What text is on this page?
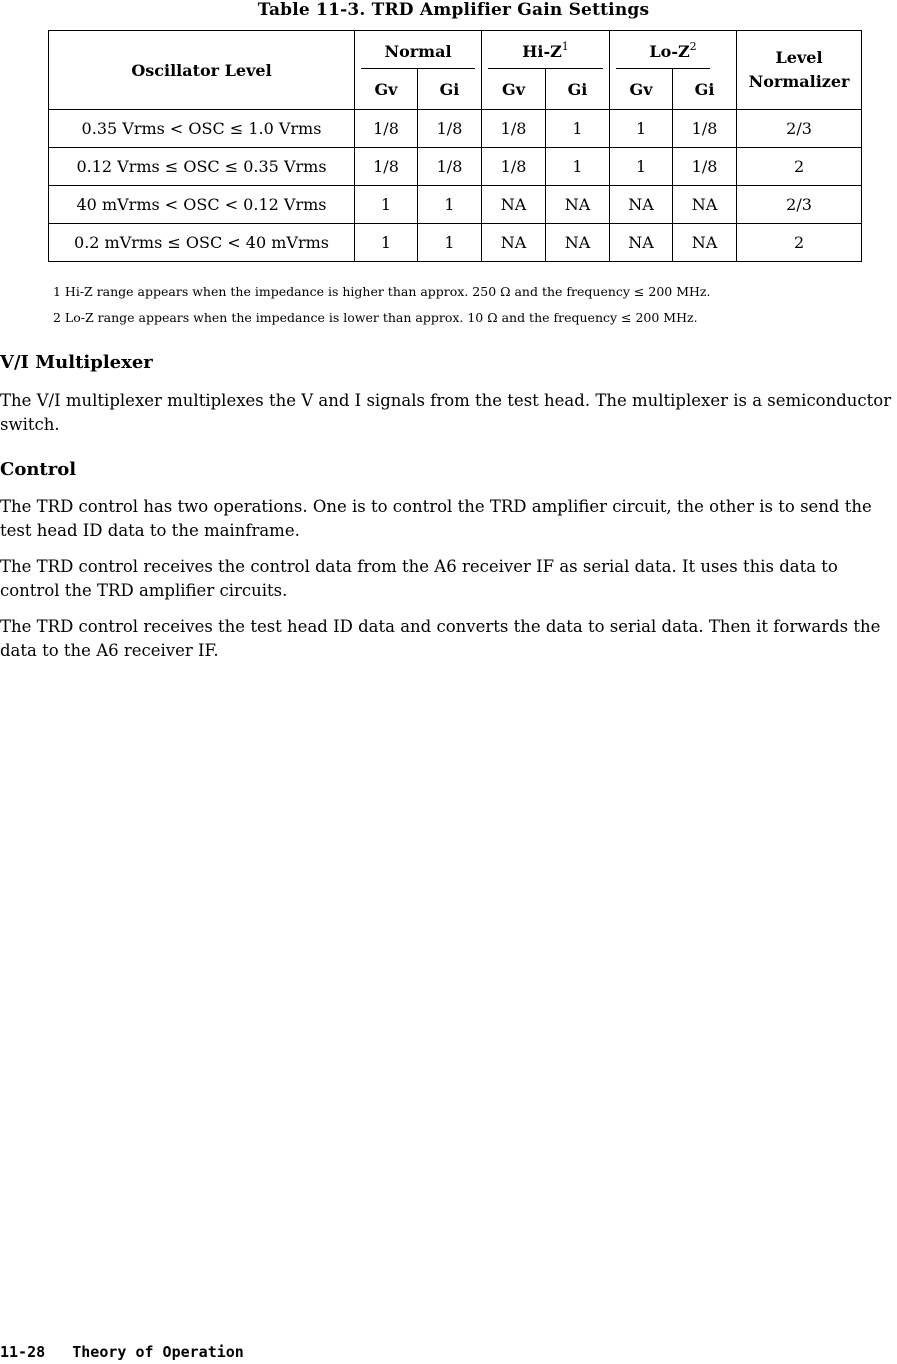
Table 11-3. TRD Amplifier Gain Settings
Oscillator Level	Normal		$Hi-Z^1$		$Lo-Z^2$		Level
Normalizer

	Gv	Gi	Gv	Gi	Gv	Gi	
0.35 Vrms < OSC ≤ 1.0 Vrms	1/8	1/8	1/8	1	1	1/8	2/3
0.12 Vrms ≤ OSC ≤ 0.35 Vrms	1/8	1/8	1/8	1	1	1/8	2
40 mVrms < OSC < 0.12 Vrms	1	1	NA	NA	NA	NA	2/3
0.2 mVrms ≤ OSC < 40 mVrms	1	1	NA	NA	NA	NA	2
1 Hi-Z range appears when the impedance is higher than approx. 250 Ω and the frequency ≤ 200 MHz.
2 Lo-Z range appears when the impedance is lower than approx. 10 Ω and the frequency ≤ 200 MHz.
V/I Multiplexer

The V/I multiplexer multiplexes the V and I signals from the test head. The multiplexer is a semiconductor switch.

Control

The TRD control has two operations. One is to control the TRD amplifier circuit, the other is to send the test head ID data to the mainframe.

The TRD control receives the control data from the A6 receiver IF as serial data. It uses this data to control the TRD amplifier circuits.

The TRD control receives the test head ID data and converts the data to serial data. Then it forwards the data to the A6 receiver IF.

11-28 Theory of Operation
